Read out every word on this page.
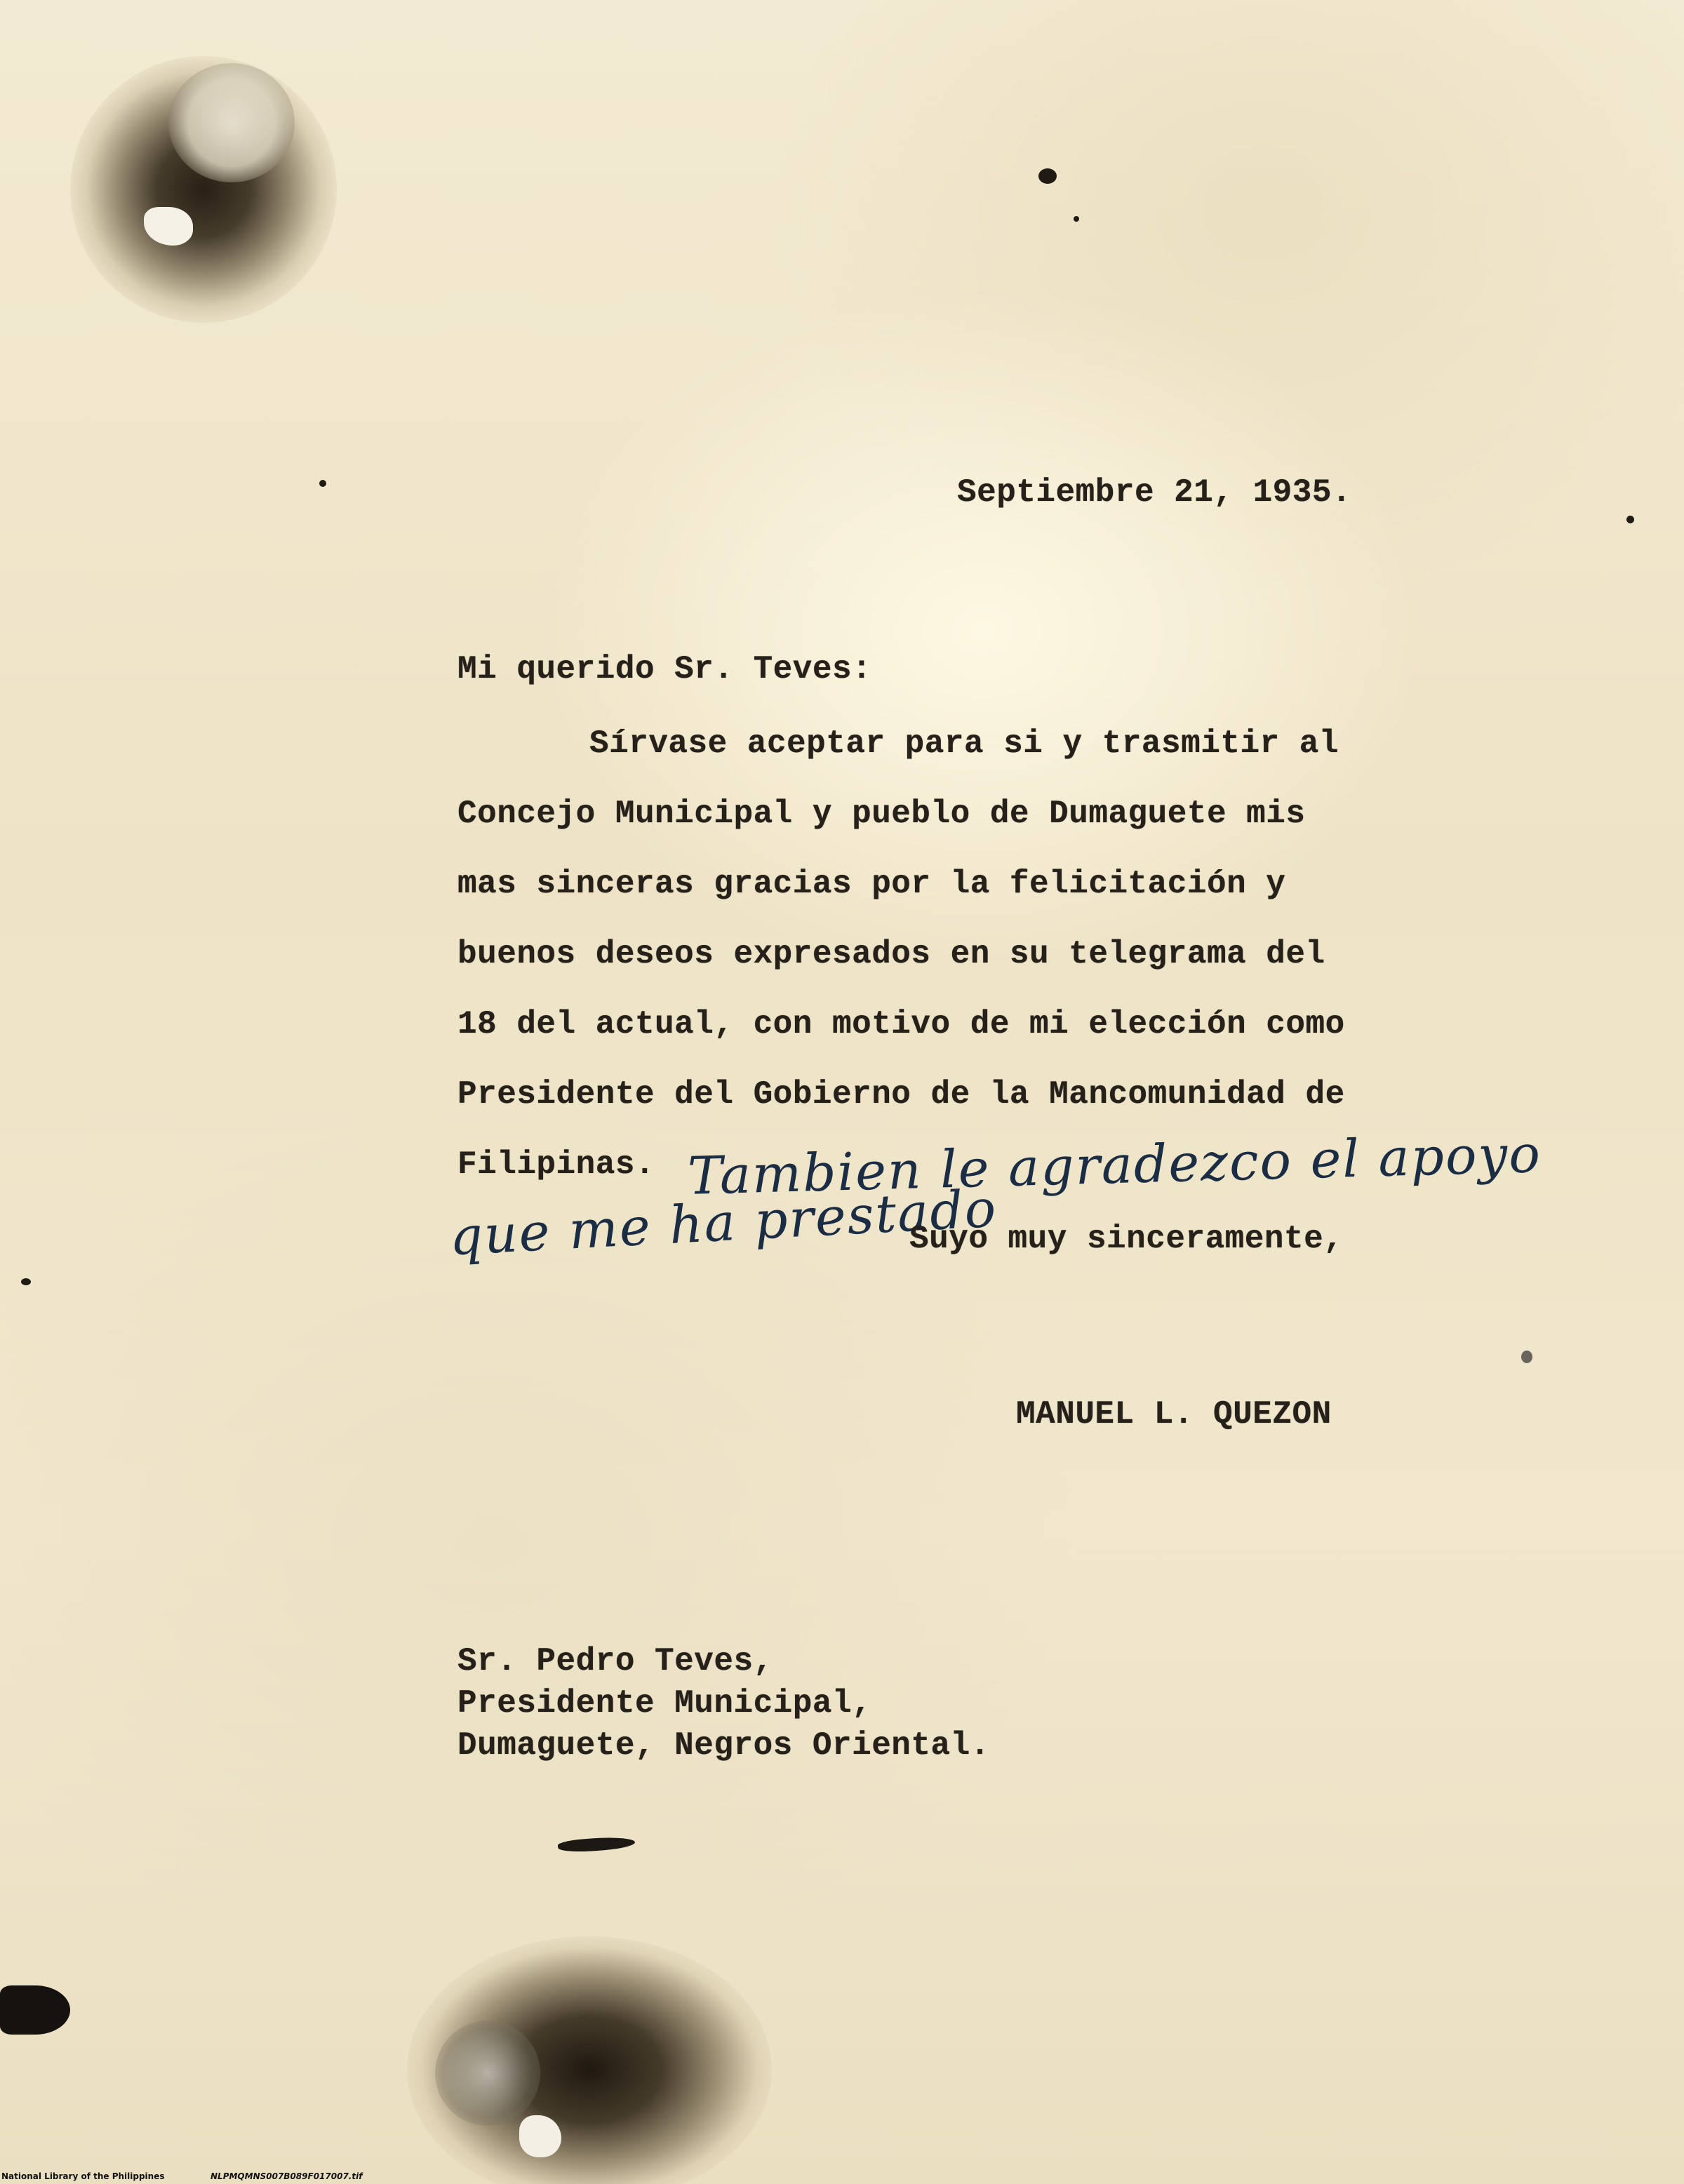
Septiembre 21, 1935.
Mi querido Sr. Teves:
Sírvase aceptar para si y trasmitir al
Concejo Municipal y pueblo de Dumaguete mis
mas sinceras gracias por la felicitación y
buenos deseos expresados en su telegrama del
18 del actual, con motivo de mi elección como
Presidente del Gobierno de la Mancomunidad de
Filipinas. Tambien le agradezco el apoyo
que me ha prestado
Suyo muy sinceramente,
MANUEL L. QUEZON
Sr. Pedro Teves,
Presidente Municipal,
Dumaguete, Negros Oriental.
National Library of the Philippines	NLPMQMNS007B089F017007.tif
